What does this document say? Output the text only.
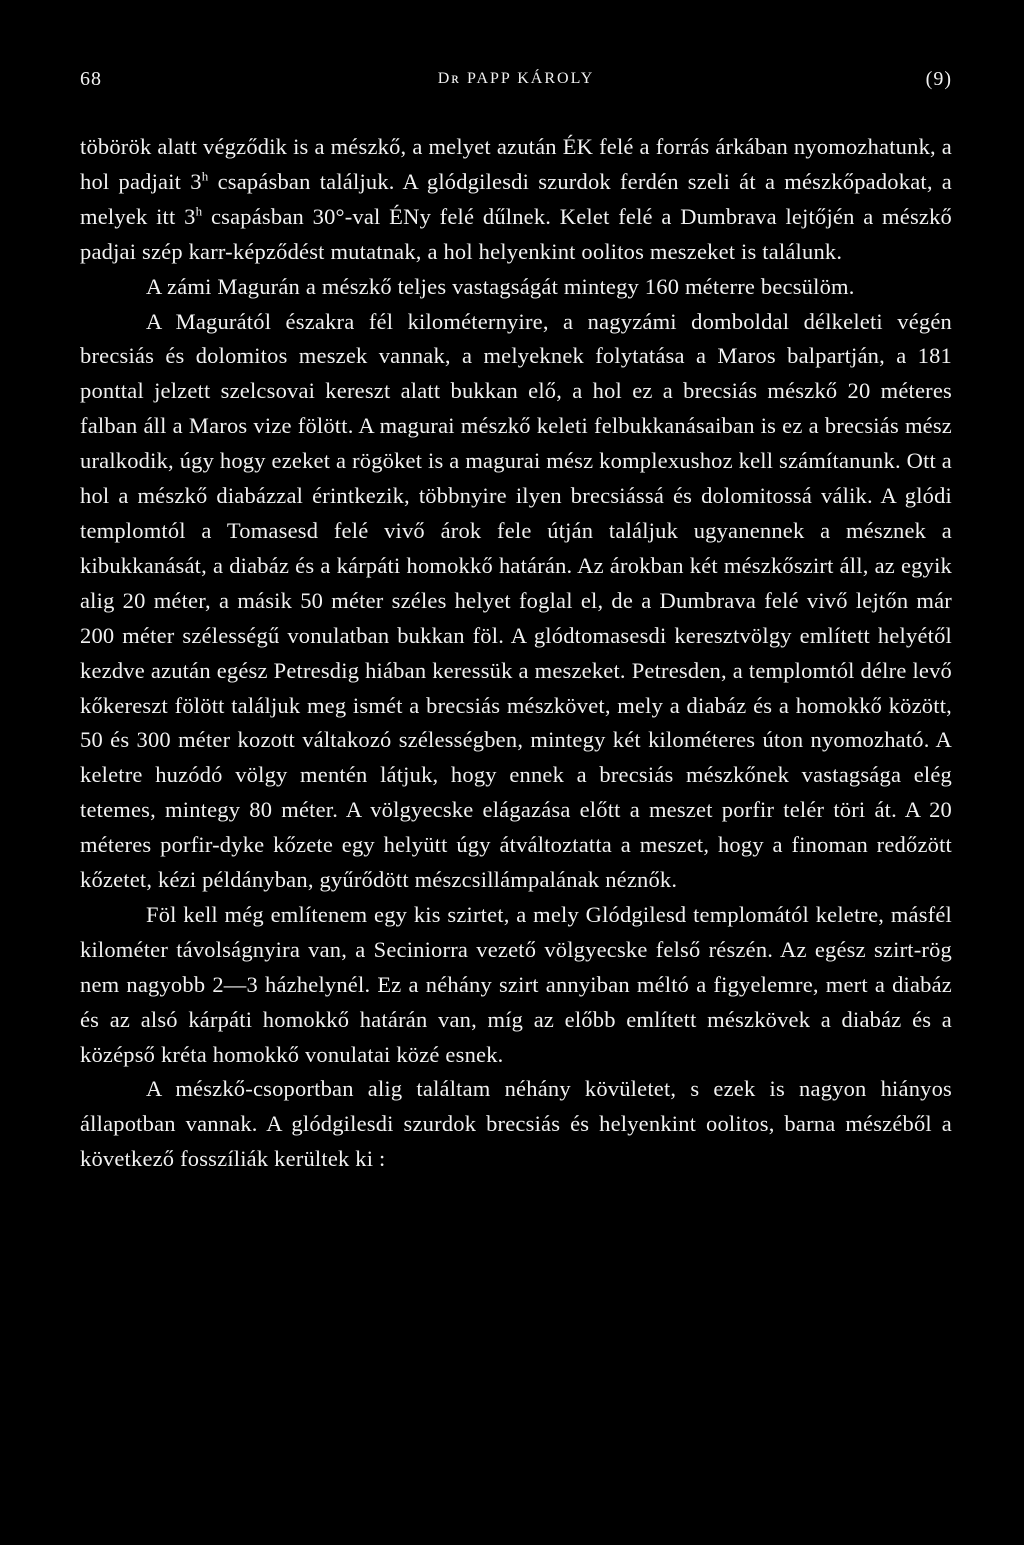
68	Dʀ PAPP KÁROLY	(9)

töbörök alatt végződik is a mészkő, a melyet azután ÉK felé a forrás árkában nyomozhatunk, a hol padjait 3$^h$ csapásban találjuk. A glódgilesdi szurdok ferdén szeli át a mészkőpadokat, a melyek itt 3$^h$ csapásban 30°-val ÉNy felé dűlnek. Kelet felé a Dumbrava lejtőjén a mészkő padjai szép karr-képződést mutatnak, a hol helyenkint oolitos meszeket is találunk.

A zámi Magurán a mészkő teljes vastagságát mintegy 160 méterre becsülöm.

A Magurától északra fél kilométernyire, a nagyzámi domboldal délkeleti végén brecsiás és dolomitos meszek vannak, a melyeknek folytatása a Maros balpartján, a 181 ponttal jelzett szelcsovai kereszt alatt bukkan elő, a hol ez a brecsiás mészkő 20 méteres falban áll a Maros vize fölött. A magurai mészkő keleti felbukkanásaiban is ez a brecsiás mész uralkodik, úgy hogy ezeket a rögöket is a magurai mész komplexushoz kell számítanunk. Ott a hol a mészkő diabázzal érintkezik, többnyire ilyen brecsiássá és dolomitossá válik. A glódi templomtól a Tomasesd felé vivő árok fele útján találjuk ugyanennek a mésznek a kibukkanását, a diabáz és a kárpáti homokkő határán. Az árokban két mészkőszirt áll, az egyik alig 20 méter, a másik 50 méter széles helyet foglal el, de a Dumbrava felé vivő lejtőn már 200 méter szélességű vonulatban bukkan föl. A glódtomasesdi keresztvölgy említett helyétől kezdve azután egész Petresdig hiában keressük a meszeket. Petresden, a templomtól délre levő kőkereszt fölött találjuk meg ismét a brecsiás mészkövet, mely a diabáz és a homokkő között, 50 és 300 méter kozott váltakozó szélességben, mintegy két kilométeres úton nyomozható. A keletre huzódó völgy mentén látjuk, hogy ennek a brecsiás mészkőnek vastagsága elég tetemes, mintegy 80 méter. A völgyecske elágazása előtt a meszet porfir telér töri át. A 20 méteres porfir-dyke kőzete egy helyütt úgy átváltoztatta a meszet, hogy a finoman redőzött kőzetet, kézi példányban, gyűrődött mészcsillámpalának néznők.

Föl kell még említenem egy kis szirtet, a mely Glódgilesd templomától keletre, másfél kilométer távolságnyira van, a Seciniorra vezető völgyecske felső részén. Az egész szirt-rög nem nagyobb 2—3 házhelynél. Ez a néhány szirt annyiban méltó a figyelemre, mert a diabáz és az alsó kárpáti homokkő határán van, míg az előbb említett mészkövek a diabáz és a középső kréta homokkő vonulatai közé esnek.

A mészkő-csoportban alig találtam néhány kövületet, s ezek is nagyon hiányos állapotban vannak. A glódgilesdi szurdok brecsiás és helyenkint oolitos, barna mészéből a következő fosszíliák kerültek ki :
